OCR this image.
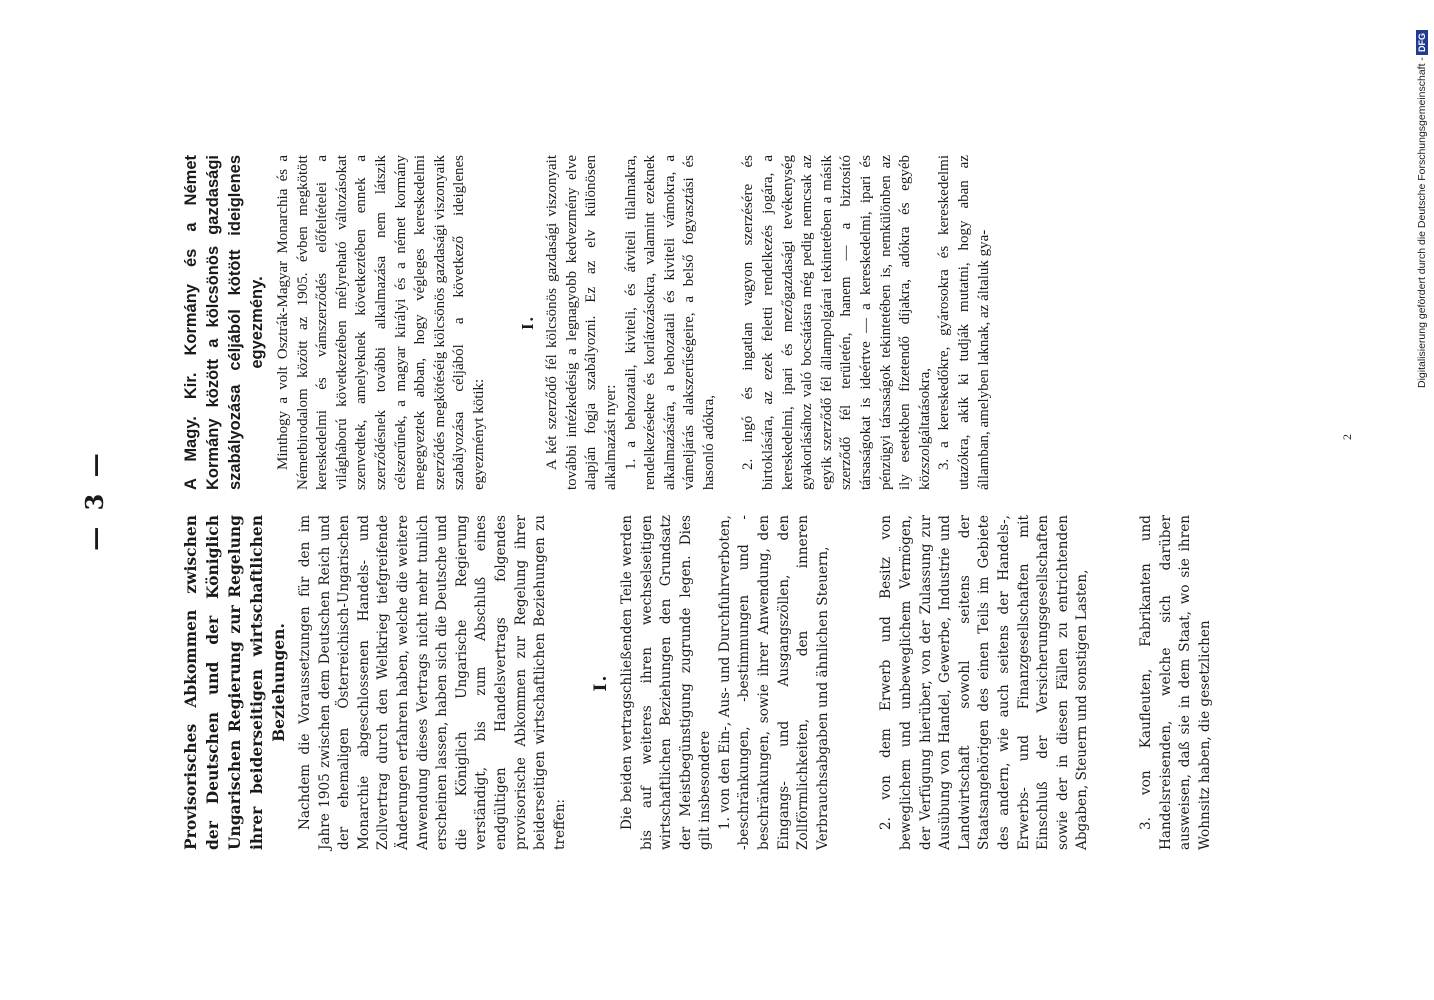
— 3 —
Provisorisches Abkommen zwischen der Deutschen und der Königlich Ungarischen Regierung zur Regelung ihrer beiderseitigen wirtschaftlichen Beziehungen. Nachdem die Voraussetzungen für den im Jahre 1905 zwischen dem Deutschen Reich und der ehemaligen Österreichisch-Ungarischen Monarchie abgeschlossenen Handels- und Zollvertrag durch den Weltkrieg tiefgreifende Änderungen erfahren haben, welche die weitere Anwendung dieses Vertrags nicht mehr tunlich erscheinen lassen, haben sich die Deutsche und die Königlich Ungarische Regierung verständigt, bis zum Abschluß eines endgültigen Handelsvertrags folgendes provisorische Abkommen zur Regelung ihrer beiderseitigen wirtschaftlichen Beziehungen zu treffen:

I. Die beiden vertragschließenden Teile werden bis auf weiteres ihren wechselseitigen wirtschaftlichen Beziehungen den Grundsatz der Meistbegünstigung zugrunde legen. Dies gilt insbesondere 1. von den Ein-, Aus- und Durchfuhrverboten, -beschränkungen, -bestimmungen und -beschränkungen, sowie ihrer Anwendung, den Eingangs- und Ausgangszöllen, den Zollförmlichkeiten, den inneren Verbrauchsabgaben und ähnlichen Steuern,	2. von dem Erwerb und Besitz von beweglichem und unbeweglichem Vermögen, der Verfügung hierüber, von der Zulassung zur Ausübung von Handel, Gewerbe, Industrie und Landwirtschaft sowohl seitens der Staatsangehörigen des einen Teils im Gebiete des andern, wie auch seitens der Handels-, Erwerbs- und Finanzgesellschaften mit Einschluß der Versicherungsgesellschaften sowie der in diesen Fällen zu entrichtenden Abgaben, Steuern und sonstigen Lasten,	3. von Kaufleuten, Fabrikanten und Handelsreisenden, welche sich darüber ausweisen, daß sie in dem Staat, wo sie ihren Wohnsitz haben, die gesetzlichen

A Magy. Kir. Kormány és a Német Kormány között a kölcsönös gazdasági szabályozása céljából kötött ideiglenes egyezmény. Minthogy a volt Osztrák-Magyar Monarchia és a Németbirodalom között az 1905. évben megkötött kereskedelmi és vámszerződés előfeltételei a világháború következtében mélyreható változásokat szenvedtek, amelyeknek következtében ennek a szerződésnek további alkalmazása nem látszik célszerűnek, a magyar királyi és a német kormány megegyeztek abban, hogy végleges kereskedelmi szerződés megkötéséig kölcsönös gazdasági viszonyaik szabályozása céljából a következő ideiglenes egyezményt kötik:

I. A két szerződő fél kölcsönös gazdasági viszonyait további intézkedésig a legnagyobb kedvezmény elve alapján fogja szabályozni. Ez az elv különösen alkalmazást nyer: 1. a behozatali, kiviteli, és átviteli tilalmakra, rendelkezésekre és korlátozásokra, valamint ezeknek alkalmazására, a behozatali és kiviteli vámokra, a vámeljárás alakszerűségeire, a belső fogyasztási és hasonló adókra, 2. ingó és ingatlan vagyon szerzésére és birtoklására, az ezek feletti rendelkezés jogára, a kereskedelmi, ipari és mezőgazdasági tevékenység gyakorlásához való bocsátásra még pedig nemcsak az egyik szerződő fél állampolgárai tekintetében a másik szerződő fél területén, hanem — a biztosító társaságokat is ideértve — a kereskedelmi, ipari és pénzügyi társaságok tekintetében is, nemkülönben az ily esetekben fizetendő díjakra, adókra és egyéb közszolgáltatásokra, 3. a kereskedőkre, gyárosokra és kereskedelmi utazókra, akik ki tudják mutatni, hogy aban az államban, amelyben laknak, az általuk gya-	2
Digitalisierung gefördert durch die Deutsche Forschungsgemeinschaft -
DFG
